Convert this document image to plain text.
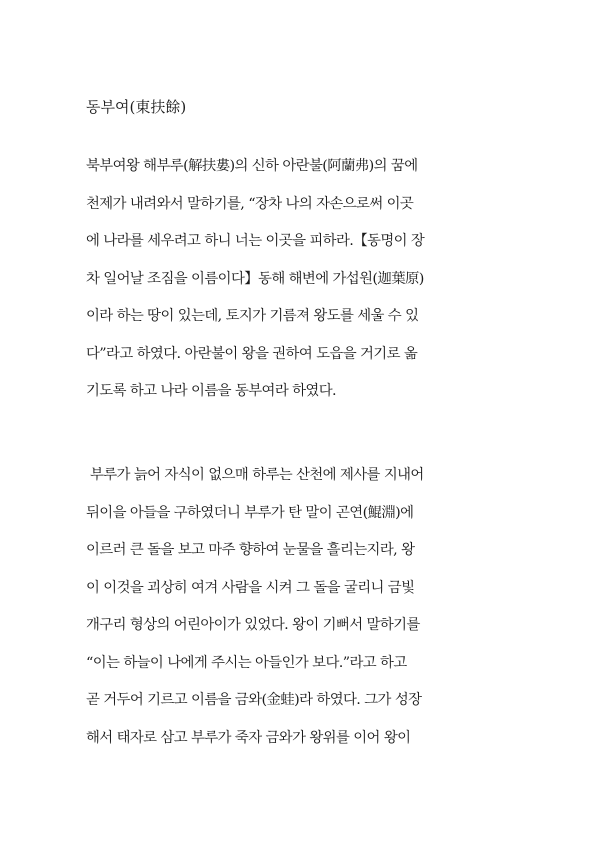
동부여(東扶餘)
북부여왕 해부루(解扶婁)의 신하 아란불(阿蘭弗)의 꿈에
천제가 내려와서 말하기를, “장차 나의 자손으로써 이곳
에 나라를 세우려고 하니 너는 이곳을 피하라.【동명이 장
차 일어날 조짐을 이름이다】동해 해변에 가섭원(迦葉原)
이라 하는 땅이 있는데, 토지가 기름져 왕도를 세울 수 있
다”라고 하였다. 아란불이 왕을 권하여 도읍을 거기로 옮
기도록 하고 나라 이름을 동부여라 하였다.
부루가 늙어 자식이 없으매 하루는 산천에 제사를 지내어
뒤이을 아들을 구하였더니 부루가 탄 말이 곤연(鯤淵)에
이르러 큰 돌을 보고 마주 향하여 눈물을 흘리는지라, 왕
이 이것을 괴상히 여겨 사람을 시켜 그 돌을 굴리니 금빛
개구리 형상의 어린아이가 있었다. 왕이 기뻐서 말하기를
“이는 하늘이 나에게 주시는 아들인가 보다.”라고 하고
곧 거두어 기르고 이름을 금와(金蛙)라 하였다. 그가 성장
해서 태자로 삼고 부루가 죽자 금와가 왕위를 이어 왕이
